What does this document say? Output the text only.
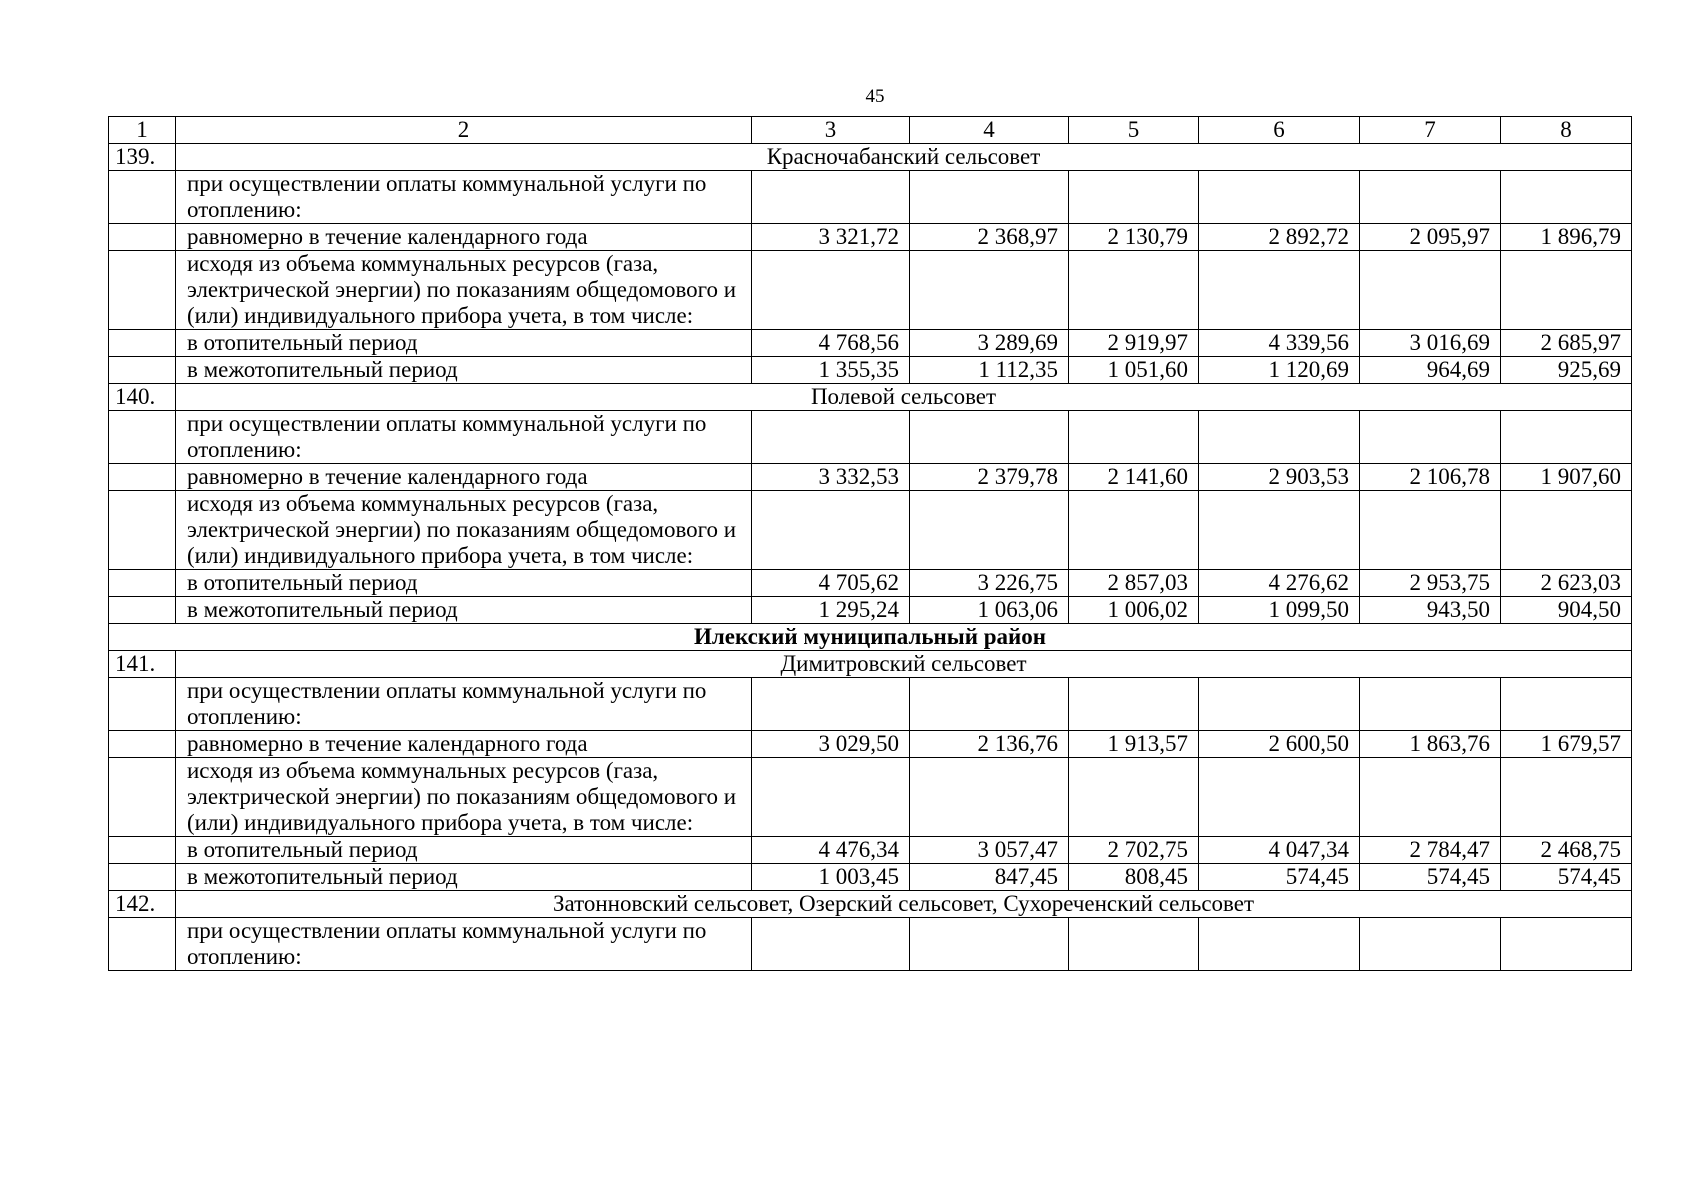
45
1	2	3	4	5	6	7	8
139.	Красночабанский сельсовет						
	при осуществлении оплаты коммунальной услуги по отоплению:						
	равномерно в течение календарного года	3 321,72	2 368,97	2 130,79	2 892,72	2 095,97	1 896,79
	исходя из объема коммунальных ресурсов (газа, электрической энергии) по показаниям общедомового и (или) индивидуального прибора учета, в том числе:						
	в отопительный период	4 768,56	3 289,69	2 919,97	4 339,56	3 016,69	2 685,97
	в межотопительный период	1 355,35	1 112,35	1 051,60	1 120,69	964,69	925,69
140.	Полевой сельсовет						
	при осуществлении оплаты коммунальной услуги по отоплению:						
	равномерно в течение календарного года	3 332,53	2 379,78	2 141,60	2 903,53	2 106,78	1 907,60
	исходя из объема коммунальных ресурсов (газа, электрической энергии) по показаниям общедомового и (или) индивидуального прибора учета, в том числе:						
	в отопительный период	4 705,62	3 226,75	2 857,03	4 276,62	2 953,75	2 623,03
	в межотопительный период	1 295,24	1 063,06	1 006,02	1 099,50	943,50	904,50
Илекский муниципальный район							
141.	Димитровский сельсовет						
	при осуществлении оплаты коммунальной услуги по отоплению:						
	равномерно в течение календарного года	3 029,50	2 136,76	1 913,57	2 600,50	1 863,76	1 679,57
	исходя из объема коммунальных ресурсов (газа, электрической энергии) по показаниям общедомового и (или) индивидуального прибора учета, в том числе:						
	в отопительный период	4 476,34	3 057,47	2 702,75	4 047,34	2 784,47	2 468,75
	в межотопительный период	1 003,45	847,45	808,45	574,45	574,45	574,45
142.	Затонновский сельсовет, Озерский сельсовет, Сухореченский сельсовет						
	при осуществлении оплаты коммунальной услуги по отоплению:						
